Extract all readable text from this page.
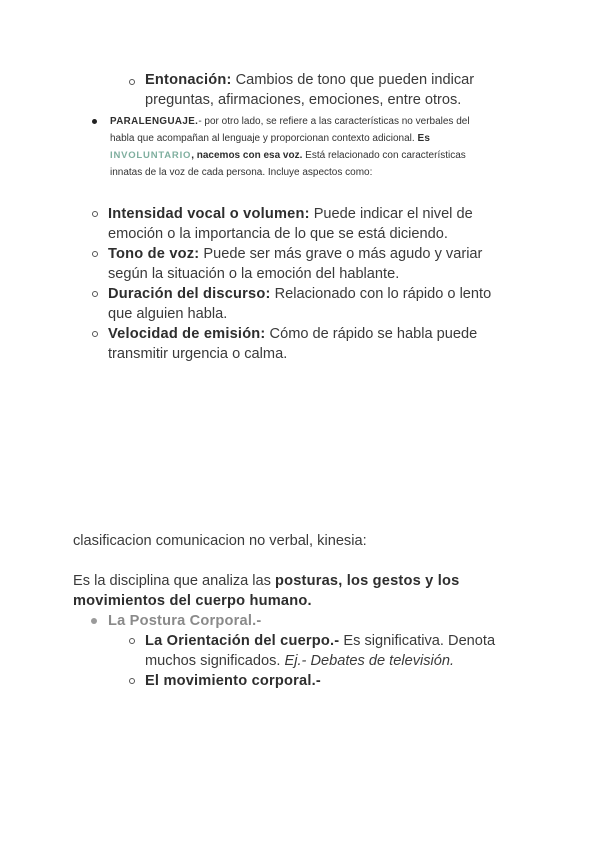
Entonación: Cambios de tono que pueden indicar
preguntas, afirmaciones, emociones, entre otros.
PARALENGUAJE.- por otro lado, se refiere a las características no verbales del
habla que acompañan al lenguaje y proporcionan contexto adicional. Es
INVOLUNTARIO, nacemos con esa voz. Está relacionado con características
innatas de la voz de cada persona. Incluye aspectos como:
Intensidad vocal o volumen: Puede indicar el nivel de
emoción o la importancia de lo que se está diciendo.
Tono de voz: Puede ser más grave o más agudo y variar
según la situación o la emoción del hablante.
Duración del discurso: Relacionado con lo rápido o lento
que alguien habla.
Velocidad de emisión: Cómo de rápido se habla puede
transmitir urgencia o calma.
clasificacion comunicacion no verbal, kinesia:
Es la disciplina que analiza las posturas, los gestos y los
movimientos del cuerpo humano.
La Postura Corporal.-
La Orientación del cuerpo.- Es significativa. Denota
muchos significados. Ej.- Debates de televisión.
El movimiento corporal.-
